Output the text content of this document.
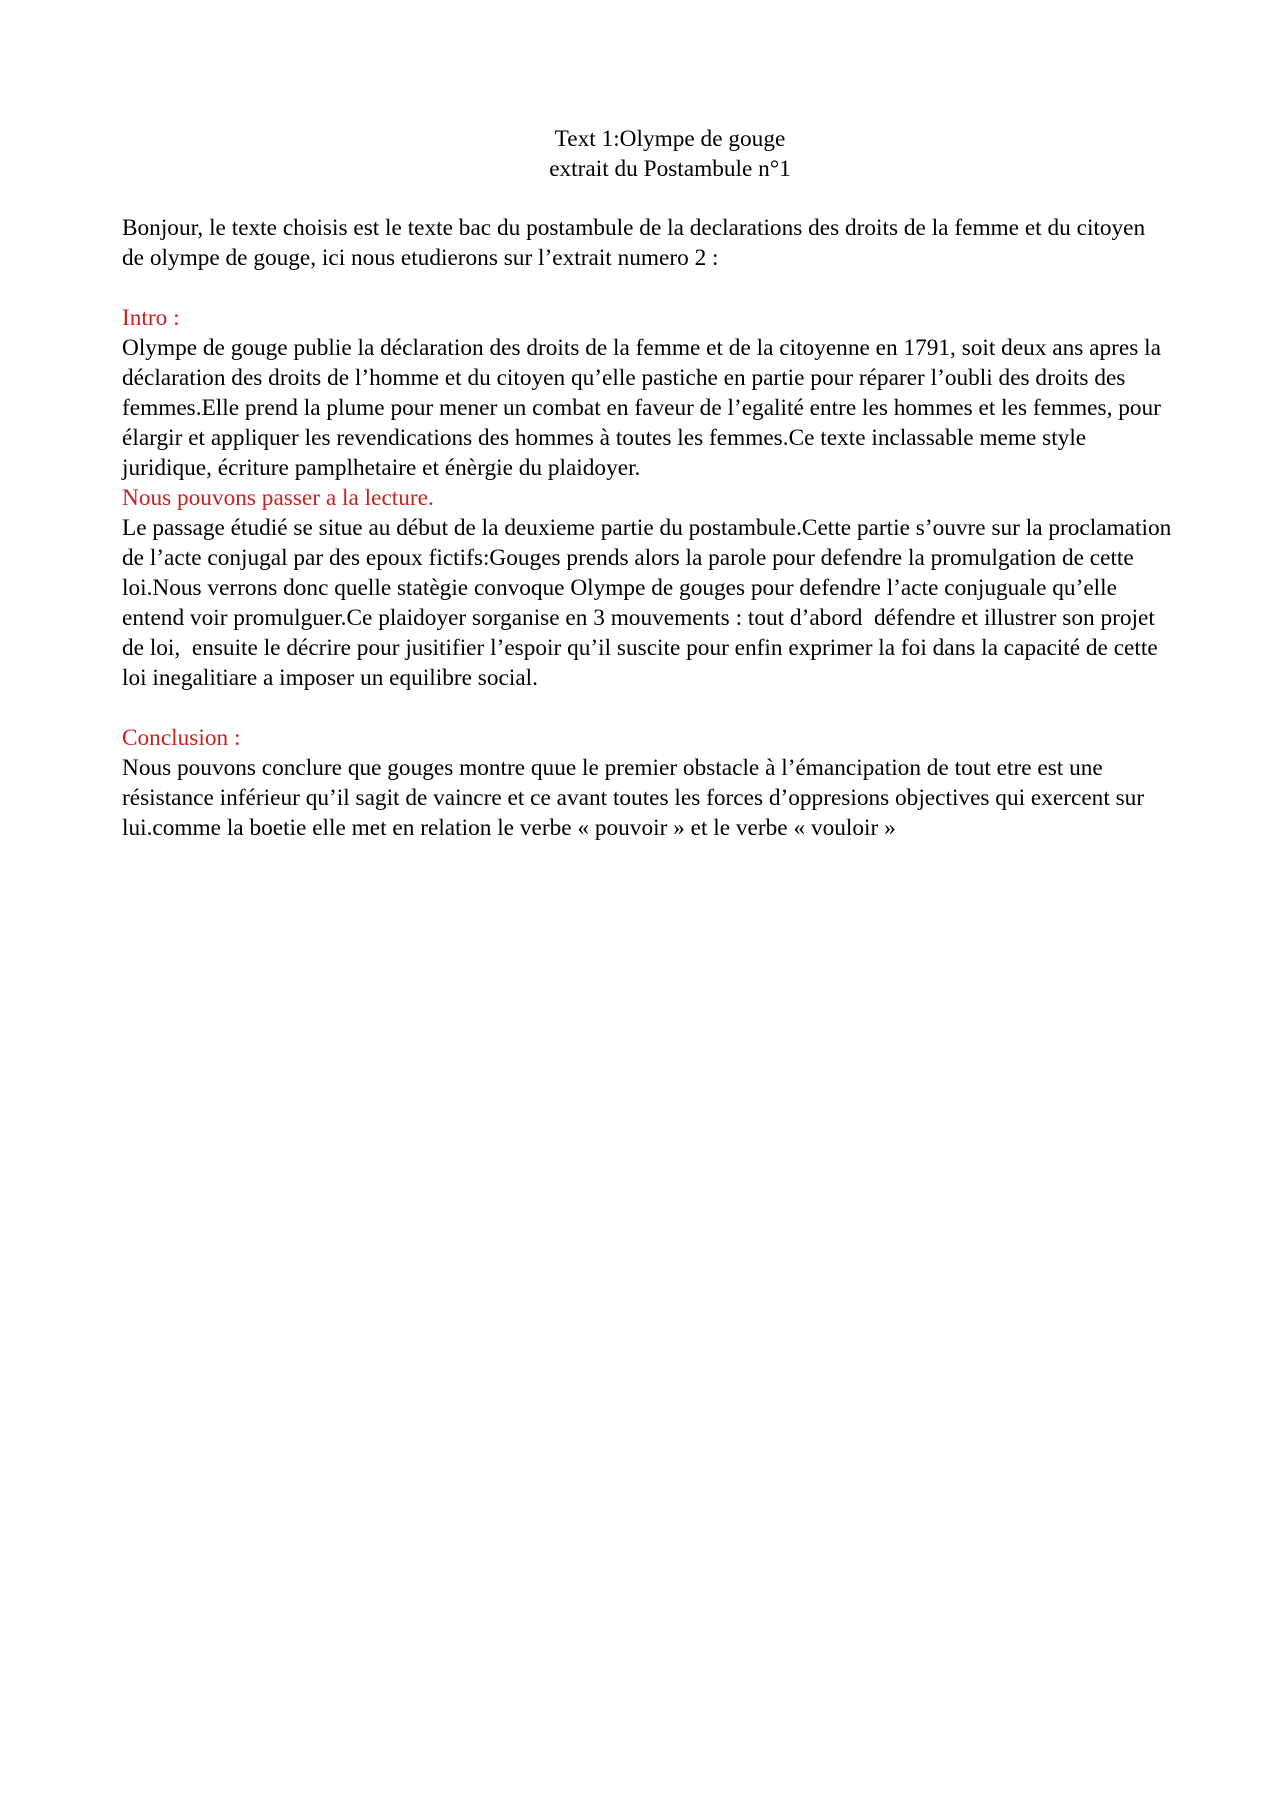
Text 1:Olympe de gouge
extrait du Postambule n°1

Bonjour, le texte choisis est le texte bac du postambule de la declarations des droits de la femme et du citoyen de olympe de gouge, ici nous etudierons sur l’extrait numero 2 :

Intro :

Olympe de gouge publie la déclaration des droits de la femme et de la citoyenne en 1791, soit deux ans apres la déclaration des droits de l’homme et du citoyen qu’elle pastiche en partie pour réparer l’oubli des droits des femmes.Elle prend la plume pour mener un combat en faveur de l’egalité entre les hommes et les femmes, pour élargir et appliquer les revendications des hommes à toutes les femmes.Ce texte inclassable meme style juridique, écriture pamplhetaire et énèrgie du plaidoyer.

Nous pouvons passer a la lecture.

Le passage étudié se situe au début de la deuxieme partie du postambule.Cette partie s’ouvre sur la proclamation de l’acte conjugal par des epoux fictifs:Gouges prends alors la parole pour defendre la promulgation de cette loi.Nous verrons donc quelle statègie convoque Olympe de gouges pour defendre l’acte conjuguale qu’elle entend voir promulguer.Ce plaidoyer sorganise en 3 mouvements : tout d’abord  défendre et illustrer son projet de loi,  ensuite le décrire pour jusitifier l’espoir qu’il suscite pour enfin exprimer la foi dans la capacité de cette loi inegalitiare a imposer un equilibre social.

Conclusion :

Nous pouvons conclure que gouges montre quue le premier obstacle à l’émancipation de tout etre est une résistance inférieur qu’il sagit de vaincre et ce avant toutes les forces d’oppresions objectives qui exercent sur lui.comme la boetie elle met en relation le verbe « pouvoir » et le verbe « vouloir »
